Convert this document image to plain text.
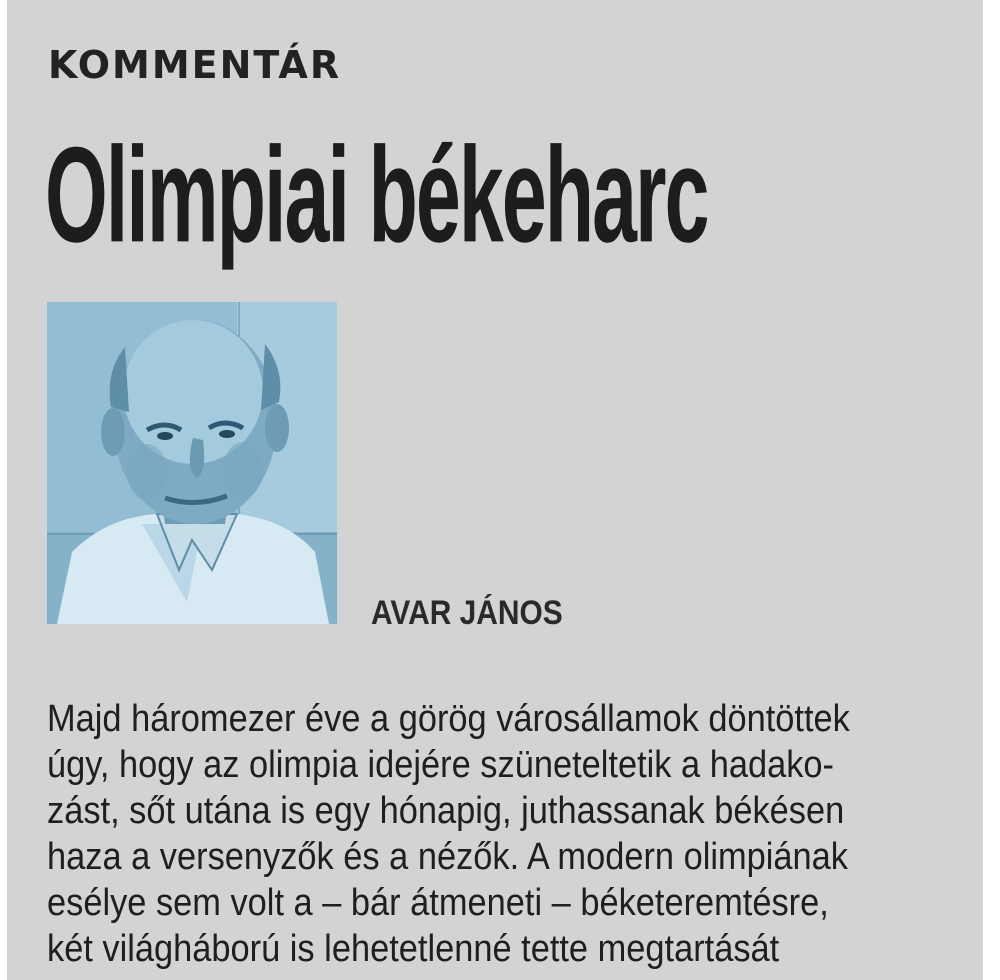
KOMMENTÁR
Olimpiai békeharc
AVAR JÁNOS
Majd háromezer éve a görög városállamok döntöttek
úgy, hogy az olimpia idejére szüneteltetik a hadako-
zást, sőt utána is egy hónapig, juthassanak békésen
haza a versenyzők és a nézők. A modern olimpiának
esélye sem volt a – bár átmeneti – béketeremtésre,
két világháború is lehetetlenné tette megtartását
